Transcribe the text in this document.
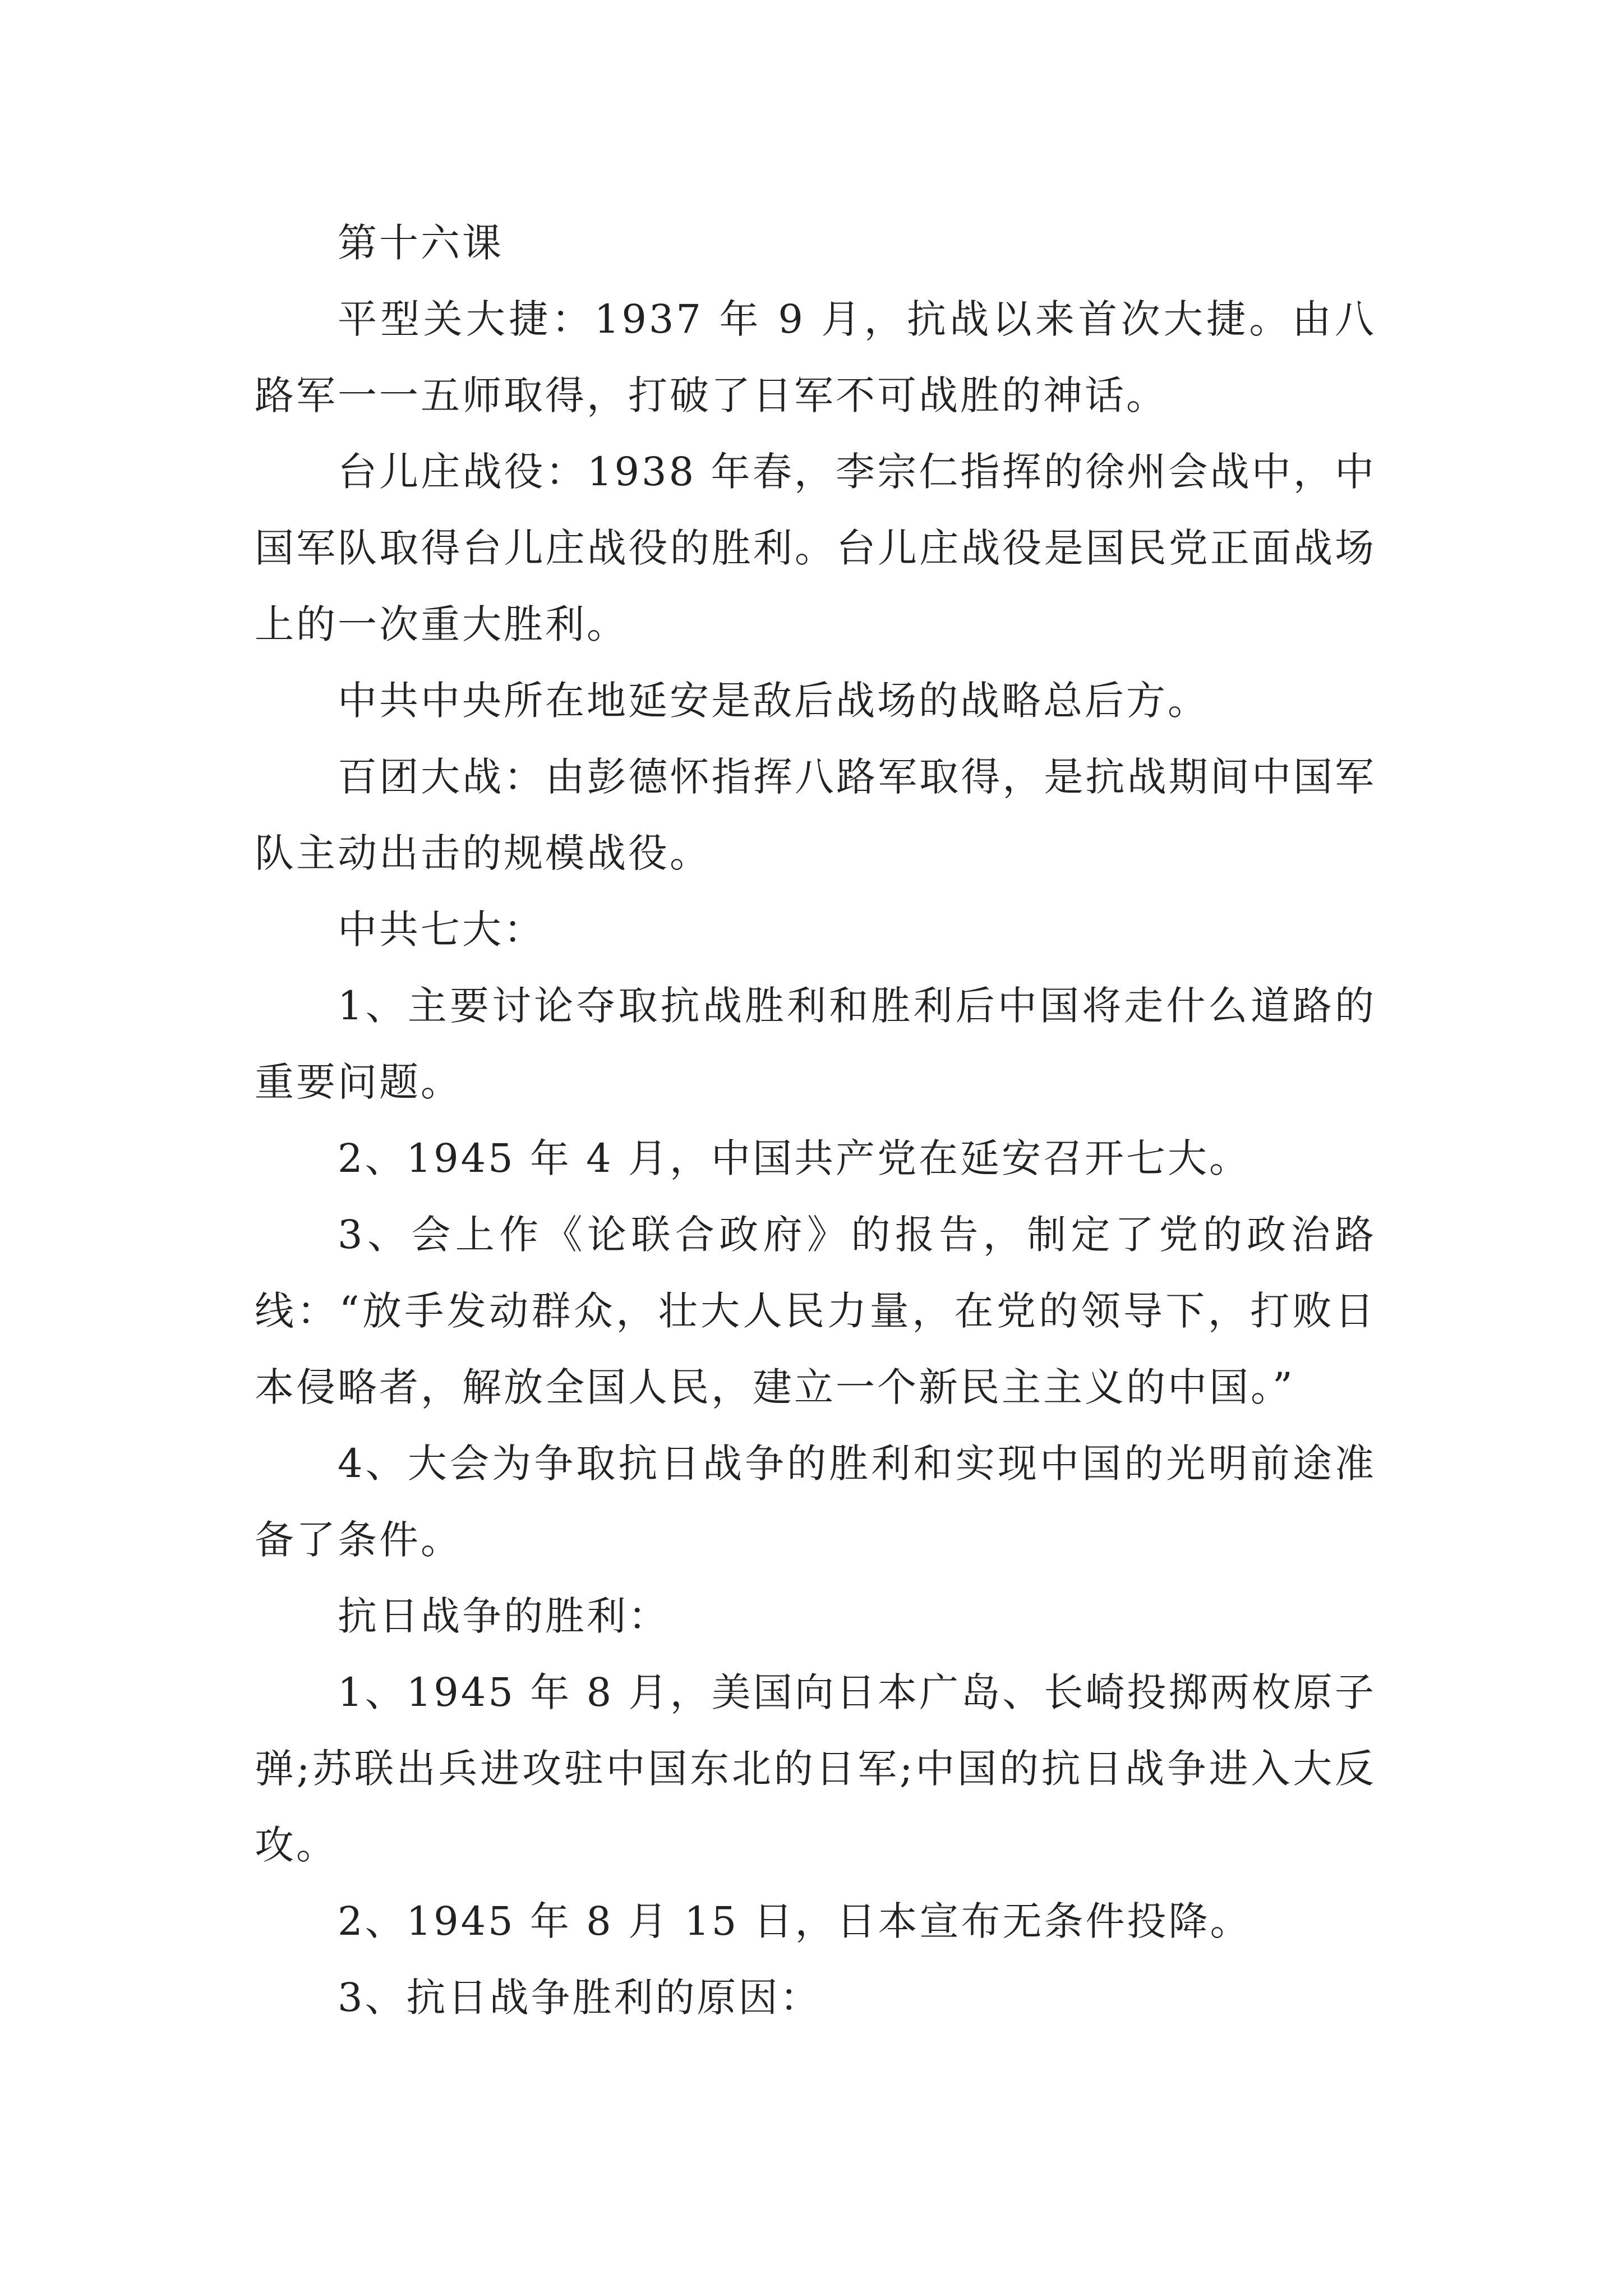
第十六课

平型关大捷：1937 年 9 月，抗战以来首次大捷。由八路军一一五师取得，打破了日军不可战胜的神话。

台儿庄战役：1938 年春，李宗仁指挥的徐州会战中，中国军队取得台儿庄战役的胜利。台儿庄战役是国民党正面战场上的一次重大胜利。

中共中央所在地延安是敌后战场的战略总后方。

百团大战：由彭德怀指挥八路军取得，是抗战期间中国军队主动出击的规模战役。

中共七大：

1、主要讨论夺取抗战胜利和胜利后中国将走什么道路的重要问题。

2、1945 年 4 月，中国共产党在延安召开七大。

3、会上作《论联合政府》的报告，制定了党的政治路线：“放手发动群众，壮大人民力量，在党的领导下，打败日本侵略者，解放全国人民，建立一个新民主主义的中国。”

4、大会为争取抗日战争的胜利和实现中国的光明前途准备了条件。

抗日战争的胜利：

1、1945 年 8 月，美国向日本广岛、长崎投掷两枚原子弹;苏联出兵进攻驻中国东北的日军;中国的抗日战争进入大反攻。

2、1945 年 8 月 15 日，日本宣布无条件投降。

3、抗日战争胜利的原因：
